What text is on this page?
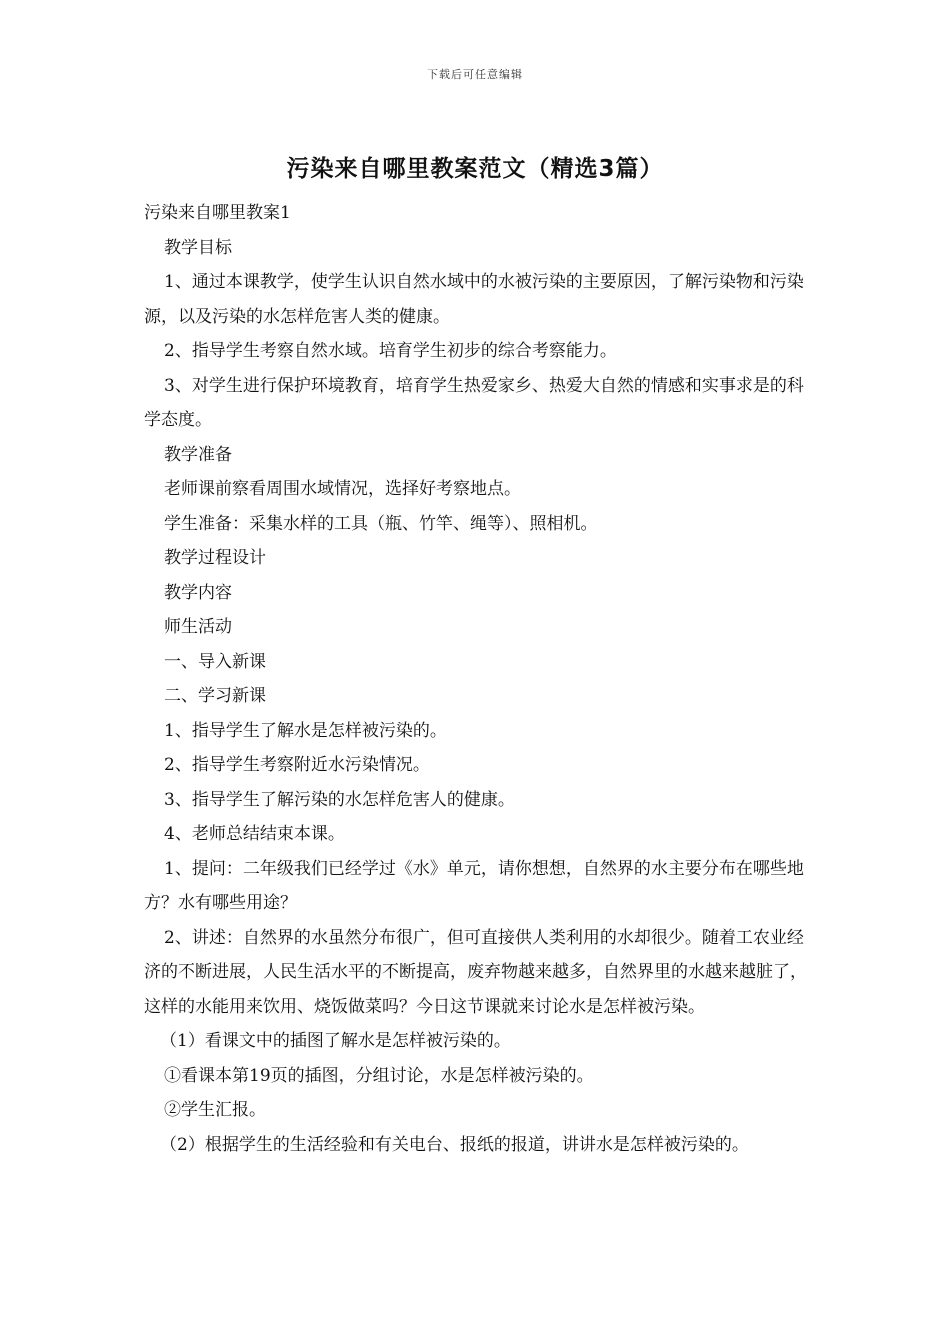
下载后可任意编辑
污染来自哪里教案范文（精选3篇）

污染来自哪里教案1

教学目标

1、通过本课教学，使学生认识自然水域中的水被污染的主要原因，了解污染物和污染源，以及污染的水怎样危害人类的健康。

2、指导学生考察自然水域。培育学生初步的综合考察能力。

3、对学生进行保护环境教育，培育学生热爱家乡、热爱大自然的情感和实事求是的科学态度。

教学准备

老师课前察看周围水域情况，选择好考察地点。

学生准备：采集水样的工具（瓶、竹竿、绳等）、照相机。

教学过程设计

教学内容

师生活动

一、导入新课

二、学习新课

1、指导学生了解水是怎样被污染的。

2、指导学生考察附近水污染情况。

3、指导学生了解污染的水怎样危害人的健康。

4、老师总结结束本课。

1、提问：二年级我们已经学过《水》单元，请你想想，自然界的水主要分布在哪些地方？水有哪些用途？

2、讲述：自然界的水虽然分布很广，但可直接供人类利用的水却很少。随着工农业经济的不断进展，人民生活水平的不断提高，废弃物越来越多，自然界里的水越来越脏了，这样的水能用来饮用、烧饭做菜吗？今日这节课就来讨论水是怎样被污染。

（1）看课文中的插图了解水是怎样被污染的。

①看课本第19页的插图，分组讨论，水是怎样被污染的。

②学生汇报。

（2）根据学生的生活经验和有关电台、报纸的报道，讲讲水是怎样被污染的。
